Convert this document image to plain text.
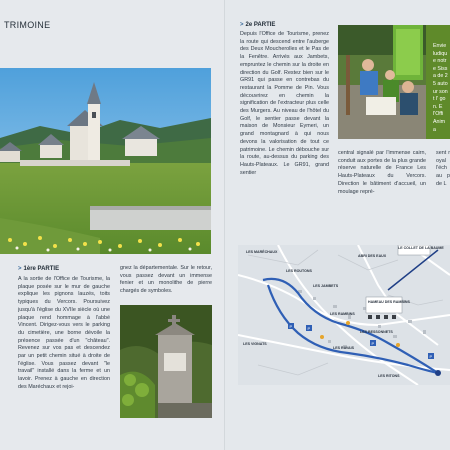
TRIMOINE
> 1ère PARTIE
A la sortie de l'Office de Tourisme, la plaque posée sur le mur de gauche explique les pignons lauzés, toits typiques du Vercors. Poursuivez jusqu'à l'église du XVIIe siècle où une plaque rend hommage à l'abbé Vincent. Dirigez-vous vers le parking du cimetière, une borne dévoile la présence passée d'un "château". Revenez sur vos pas et descendez par un petit chemin situé à droite de l'église. Vous passez devant "le travail" installé dans la ferme et un lavoir. Prenez à gauche en direction des Maréchaux et rejoi-
gnez la départementale. Sur le retour, vous passez devant un immense fenier et un monolithe de pierre chargés de symboles.
> 2e PARTIE
Depuis l'Office de Tourisme, prenez la route qui descend entre l'auberge des Deux Moucherolles et le Pas de la Fenêtre. Arrivés aux Jambets, empruntez le chemin sur la droite en direction du Golf. Restez bien sur le GR91 qui passe en contrebas du restaurant la Pomme de Pin. Vous découvrirez en chemin la signification de l'extracteur plus celle des Murgers. Au niveau de l'hôtel du Golf, le sentier passe devant la maison de Monsieur Eymeri, un grand montagnard à qui nous devons la valorisation de tout ce patrimoine. Le chemin débouche sur la route, au-dessus du parking des Hauts-Plateaux. Le GR91, grand sentier
Envie ludique notre Sissa de 25 autour sont l' gon. E l'Offi Anima
central signalé par l'immense cairn, conduit aux portes de la plus grande réserve naturelle de France Les Hauts-Plateaux du Vercors. Direction le bâtiment d'accueil, un moulage repré-
sent royal l'éch au p de L
P	P
P
P
LE COLLET DE LA BAUME
LES MARÉCHAUX
LES ROUTONS
LES JAMBETS
HAMEAU DES RAMBINS
LES RAMBINS
LES BESSONNETS
LES VIGNATS
LES RAVAIS
LES RITONS
ABRI DES EAUX
